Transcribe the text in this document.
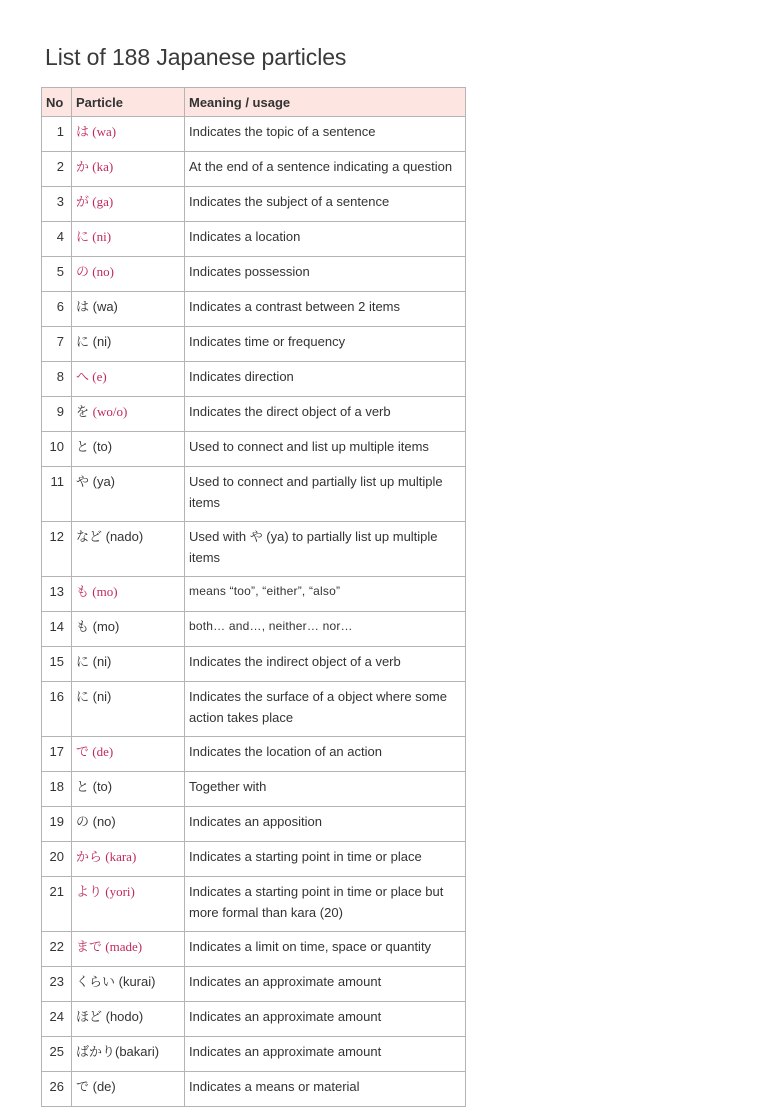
List of 188 Japanese particles
No	Particle	Meaning / usage
1	は (wa)	Indicates the topic of a sentence
2	か (ka)	At the end of a sentence indicating a question
3	が (ga)	Indicates the subject of a sentence
4	に (ni)	Indicates a location
5	の (no)	Indicates possession
6	は (wa)	Indicates a contrast between 2 items
7	に (ni)	Indicates time or frequency
8	へ (e)	Indicates direction
9	を (wo/o)	Indicates the direct object of a verb
10	と (to)	Used to connect and list up multiple items
11	や (ya)	Used to connect and partially list up multiple items
12	など (nado)	Used with や (ya) to partially list up multiple items
13	も (mo)	means “too”, “either”, “also”
14	も (mo)	both… and…, neither… nor…
15	に (ni)	Indicates the indirect object of a verb
16	に (ni)	Indicates the surface of a object where some action takes place
17	で (de)	Indicates the location of an action
18	と (to)	Together with
19	の (no)	Indicates an apposition
20	から (kara)	Indicates a starting point in time or place
21	より (yori)	Indicates a starting point in time or place but more formal than kara (20)
22	まで (made)	Indicates a limit on time, space or quantity
23	くらい (kurai)	Indicates an approximate amount
24	ほど (hodo)	Indicates an approximate amount
25	ばかり(bakari)	Indicates an approximate amount
26	で (de)	Indicates a means or material
